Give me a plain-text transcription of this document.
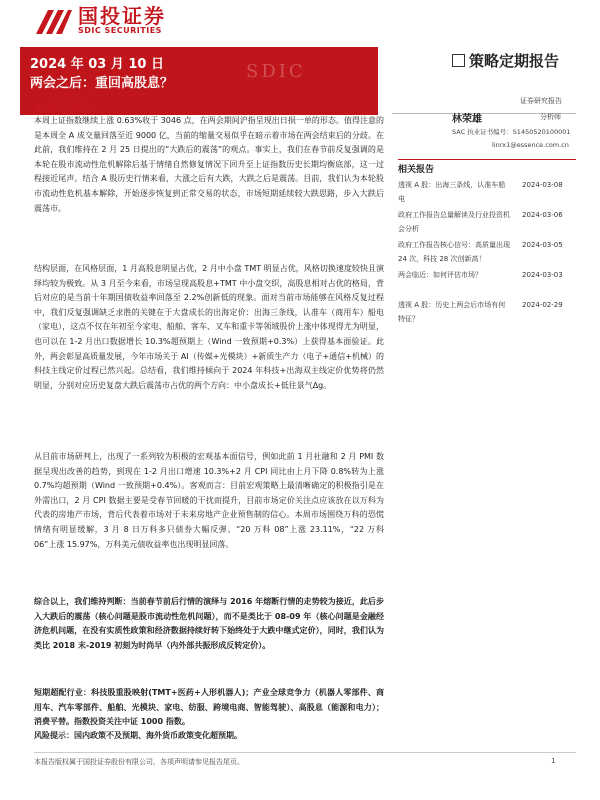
国投证券
SDIC SECURITIES
2024 年 03 月 10 日
两会之后：重回高股息？
SDIC	策略定期报告
证券研究报告
林荣雄	分析师
SAC 执业证书编号：S1450520100001
linrx1@essence.com.cn
相关报告
透视 A 股：出海三条线，认准车船电
2024-03-08
政府工作报告总量解读及行业投资机会分析
2024-03-06
政府工作报告核心信号：高质量出现 24 次，科技 28 次创新高！
2024-03-05
两会临近：如何评估市场？	2024-03-03
透视 A 股：历史上两会后市场有何特征？
2024-02-29
■ 报告摘要：

本周上证指数继续上涨 0.63%收于 3046 点，在两会期间沪指呈现出日损一单的形态。值得注意的是本周全 A 成交量回落至近 9000 亿，当前的缩量交易似乎在暗示着市场在两会结束后的分歧。在此前，我们维持在 2 月 25 日提出的“大跌后的震荡”的观点。事实上，我们在春节前反复强调的是本轮在股市流动性危机解除后基于情绪自然修复情况下回升至上证指数历史长期均衡底部，这一过程接近尾声。结合 A 股历史行情来看，大涨之后有大跌，大跌之后是震荡。目前，我们认为本轮股市流动性危机基本解除，开始逐步恢复到正常交易的状态，市场短期延续较大跌思路，步入大跌后震荡市。

结构层面，在风格层面，1 月高股息明显占优，2 月中小盘 TMT 明显占优，风格切换速度较快且演绎均较为极致。从 3 月至今来看，市场呈现高股息+TMT 中小盘交织，高股息相对占优的格局，背后对应的是当前十年期国债收益率回落至 2.2%创新低的现象。面对当前市场能够在风格反复过程中，我们反复强调缺乏求胜的关键在于大盘成长的出海定价：出海三条线，认准车（商用车）船电（家电），这点不仅在年初至今家电、船舶、客车、叉车和重卡等领域股价上涨中体现得尤为明显，也可以在 1-2 月出口数据增长 10.3%超预期上（Wind 一致预期+0.3%）上获得基本面验证。此外，两会彰显高质量发展，今年市场关于 AI（传媒+光模块）+新质生产力（电子+通信+机械）的科技主线定价过程已然兴起。总结看，我们维持倾向于 2024 年科技+出海双主线定价优势将仍然明显，分别对应历史复盘大跌后震荡市占优的两个方向：中小盘成长+低往景气Δg。

从目前市场研判上，出现了一系列较为积极的宏观基本面信号，例如此前 1 月社融和 2 月 PMI 数据呈现出改善的趋势，到现在 1-2 月出口增速 10.3%+2 月 CPI 同比由上月下降 0.8%转为上涨 0.7%均超预期（Wind 一致预期+0.4%）。客观而言：目前宏观策略上最清晰确定的积极指引是在外需出口，2 月 CPI 数据主要是受春节回暖的干扰而提升，目前市场定价关注点应该放在以万科为代表的房地产市场，背后代表着市场对于未来房地产企业预售制的信心。本周市场围绕万科的恐慌情绪有明显缓解，3 月 8 日万科多只债券大幅反弹。“20 万科 08”上涨 23.11%，“22 万科 06”上涨 15.97%，万科美元债收益率也出现明显回落。

综合以上，我们维持判断：当前春节前后行情的演绎与 2016 年熔断行情的走势较为接近，此后步入大跌后的震荡（核心问题是股市流动性危机问题），而不是类比于 08-09 年（核心问题是金融经济危机问题，在没有实质性政策和经济数据持续好转下始终处于大跌中继式定价），同时，我们认为类比 2018 末-2019 初刻为时尚早（内外部共振形成反转定价）。

短期超配行业：科技股重股映射(TMT+医药+人形机器人)；产业全球竞争力（机器人零部件、商用车、汽车零部件、船舶、光模块、家电、纺服、跨境电商、智能驾驶）、高股息（能源和电力）；消费平替。指数投资关注中证 1000 指数。

风险提示：国内政策不及预期、海外货币政策变化超预期。

本报告版权属于国投证券股份有限公司，各项声明请参见报告尾页。	1
